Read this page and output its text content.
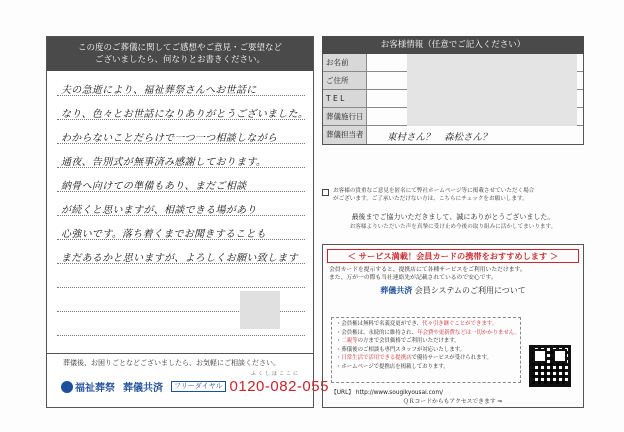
この度のご葬儀に関してご感想やご意見・ご要望など
ございましたら、何なりとお書きください。
夫の急逝により、福祉葬祭さんへお世話に
なり、色々とお世話になりありがとうございました。
わからないことだらけで一つ一つ相談しながら
通夜、告別式が無事済み感謝しております。
納骨へ向けての準備もあり、まだご相談
が続くと思いますが、相談できる場があり
心強いです。落ち着くまでお聞きすることも
まだあるかと思いますが、よろしくお願い致します
葬儀後、お困りごとなどございましたら、お気軽にご相談ください。
ふくしはここに
福祉葬祭 葬儀共済	フリーダイヤル 0120-082-055
お客様情報（任意でご記入ください）
お名前
ご住所
T E L
葬儀施行日
葬儀担当者	東村さん？　森松さん？
お客様の貴重なご意見を匿名にて弊社ホームページ等に掲載させていただく場合
がございます。ご了承いただけない方は、こちらにチェックをお願いします。
最後までご協力いただきまして、誠にありがとうございました。
お客様よりいただいた声を真摯に受け止め今後の取り組みに活かしてまいります。
＜ サービス満載！会員カードの携帯をおすすめします ＞
会員カードを提示すると、提携店にて各種サービスをご利用いただけます。
また、万が一の際も当社連絡先が記載されているので安心です。
葬儀共済 会員システムのご利用について
・会員権は無料で名義変更ができ、代々引き継ぐことができます。
・会員権は、永続的に維持され、年会費や更新費などは一切かかりません。
・二親等の方まで会員価格でご利用いただけます。
・葬儀後のご相談も専門スタッフが対応いたします。
・日常生活で活用できる提携店で優待サービスが受けられます。
・ホームページで提携店を掲載しております。
【URL】 http://www.sougikyousai.com/
ＱＲコードからもアクセスできます ⇒
